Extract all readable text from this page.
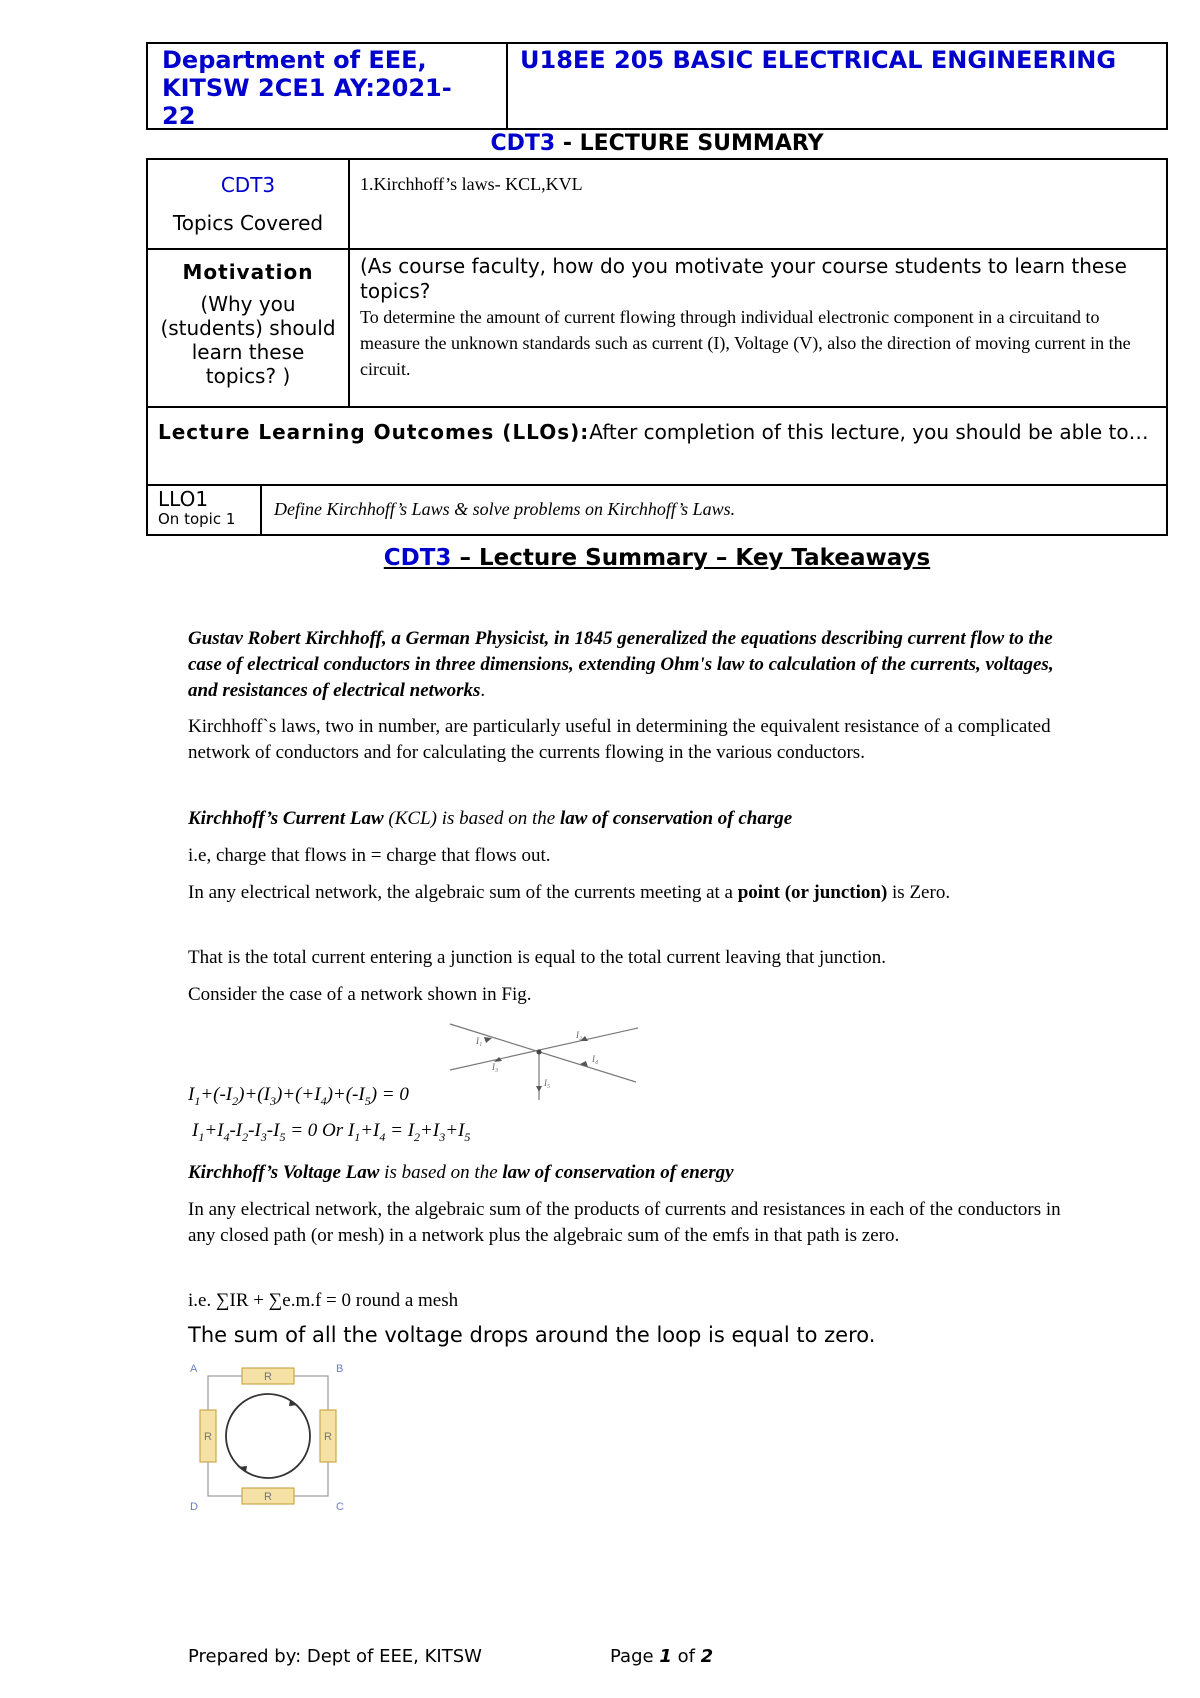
Department of EEE,
KITSW 2CE1 AY:2021-
22
U18EE 205 BASIC ELECTRICAL ENGINEERING
CDT3 - LECTURE SUMMARY
CDT3
Topics Covered
1.Kirchhoff’s laws- KCL,KVL
Motivation
(Why you
(students) should
learn these
topics? )
(As course faculty, how do you motivate your course students to learn these topics?
To determine the amount of current flowing through individual electronic component in a circuitand to measure the unknown standards such as current (I), Voltage (V), also the direction of moving current in the circuit.
Lecture Learning Outcomes (LLOs):After completion of this lecture, you should be able to…
LLO1
On topic 1	Define Kirchhoff’s Laws & solve problems on Kirchhoff’s Laws.
CDT3 – Lecture Summary – Key Takeaways
Gustav Robert Kirchhoff, a German Physicist, in 1845 generalized the equations describing current flow to the case of electrical conductors in three dimensions, extending Ohm's law to calculation of the currents, voltages, and resistances of electrical networks.
Kirchhoff`s laws, two in number, are particularly useful in determining the equivalent resistance of a complicated network of conductors and for calculating the currents flowing in the various conductors.
Kirchhoff’s Current Law (KCL) is based on the law of conservation of charge
i.e, charge that flows in = charge that flows out.
In any electrical network, the algebraic sum of the currents meeting at a point (or junction) is Zero.
That is the total current entering a junction is equal to the total current leaving that junction.
Consider the case of a network shown in Fig.
I₁
I₂
I₃
I₄
I₅
$I_1+(-I_2)+(I_3)+(+I_4)+(-I_5) = 0$
$I_1+I_4-I_2-I_3-I_5 = 0$ Or $I_1+I_4 = I_2+I_3+I_5$
Kirchhoff’s Voltage Law is based on the law of conservation of energy
In any electrical network, the algebraic sum of the products of currents and resistances in each of the conductors in any closed path (or mesh) in a network plus the algebraic sum of the emfs in that path is zero.
i.e. ∑IR + ∑e.m.f = 0 round a mesh
The sum of all the voltage drops around the loop is equal to zero.
R
R
R	R
A	B
C
D
Prepared by: Dept of EEE, KITSW	Page 1 of 2
